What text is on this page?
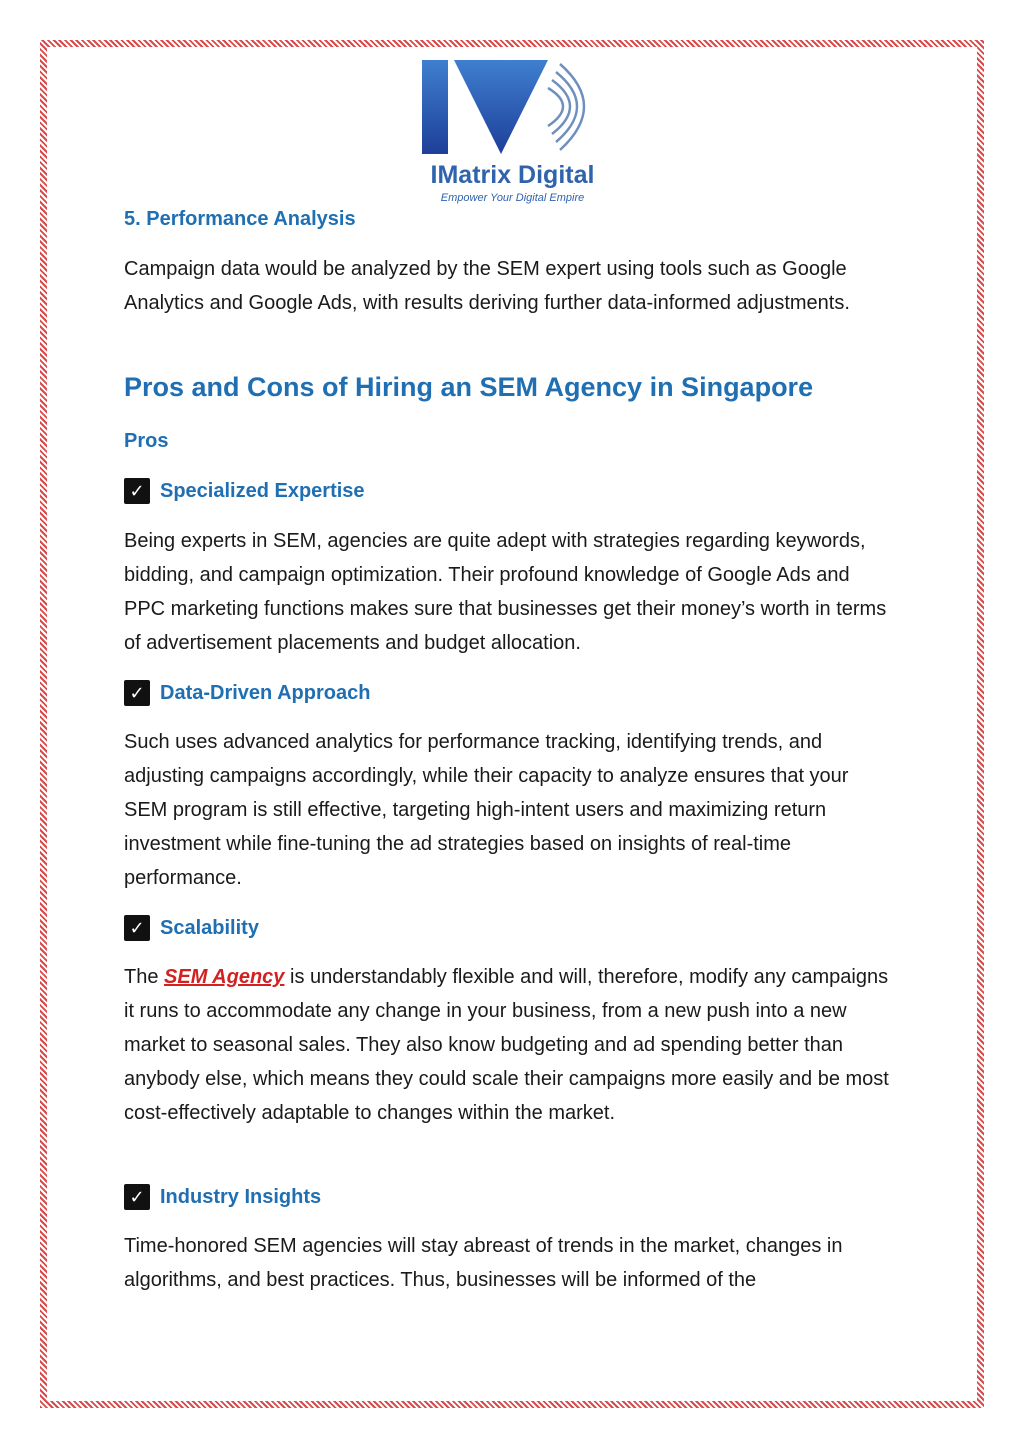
IMatrix Digital
Empower Your Digital Empire
5. Performance Analysis

Campaign data would be analyzed by the SEM expert using tools such as Google Analytics and Google Ads, with results deriving further data-informed adjustments.

Pros and Cons of Hiring an SEM Agency in Singapore
Pros
✓ Specialized Expertise

Being experts in SEM, agencies are quite adept with strategies regarding keywords, bidding, and campaign optimization. Their profound knowledge of Google Ads and PPC marketing functions makes sure that businesses get their money’s worth in terms of advertisement placements and budget allocation.

✓ Data-Driven Approach

Such uses advanced analytics for performance tracking, identifying trends, and adjusting campaigns accordingly, while their capacity to analyze ensures that your SEM program is still effective, targeting high-intent users and maximizing return investment while fine-tuning the ad strategies based on insights of real-time performance.

✓ Scalability

The SEM Agency is understandably flexible and will, therefore, modify any campaigns it runs to accommodate any change in your business, from a new push into a new market to seasonal sales. They also know budgeting and ad spending better than anybody else, which means they could scale their campaigns more easily and be most cost-effectively adaptable to changes within the market.

✓ Industry Insights

Time-honored SEM agencies will stay abreast of trends in the market, changes in algorithms, and best practices. Thus, businesses will be informed of the
